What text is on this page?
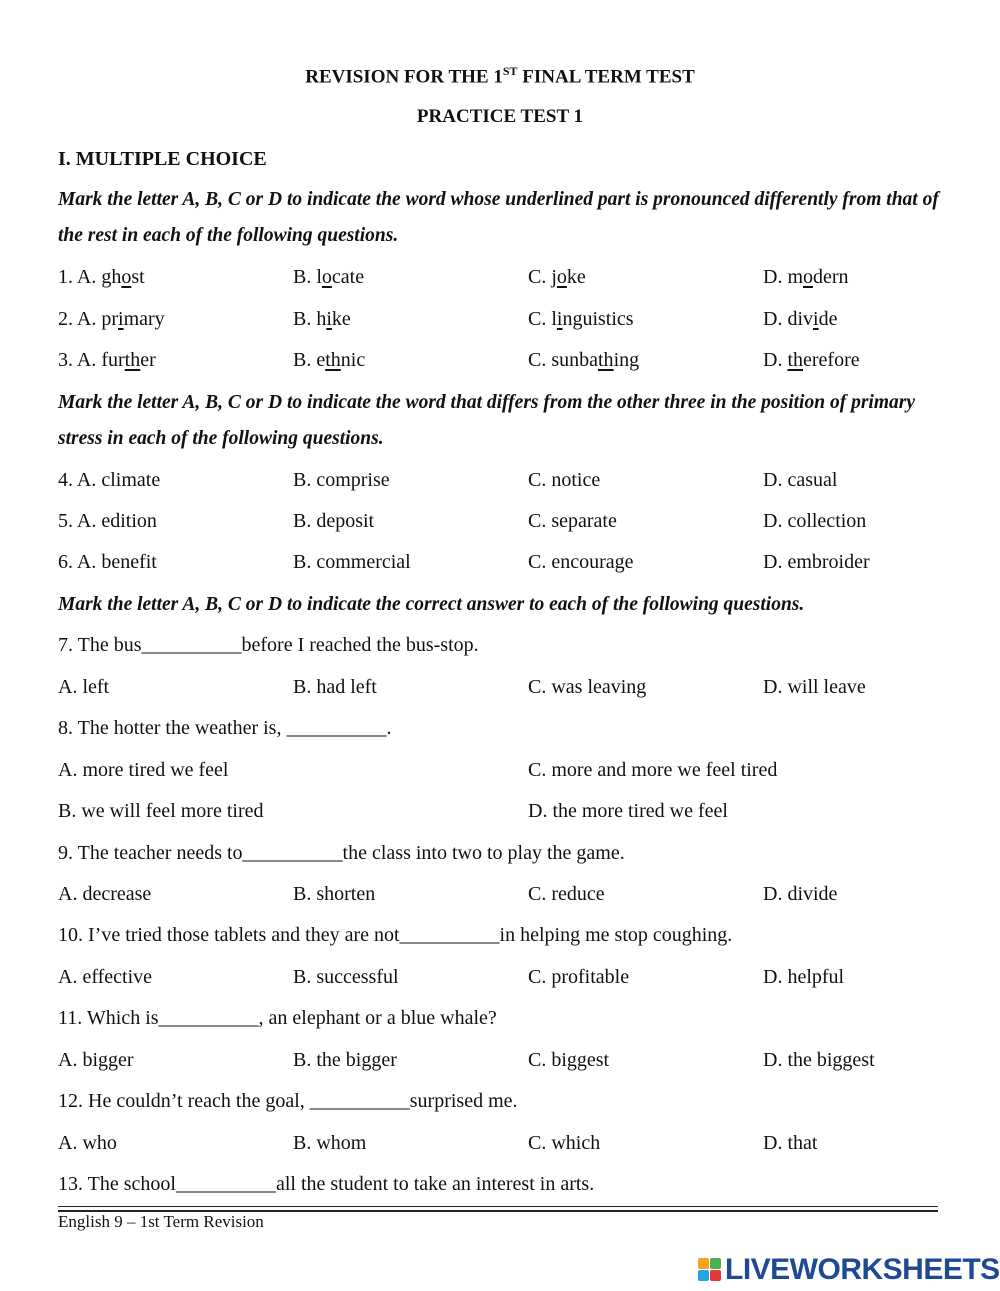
REVISION FOR THE 1ST FINAL TERM TEST
PRACTICE TEST 1
I. MULTIPLE CHOICE
Mark the letter A, B, C or D to indicate the word whose underlined part is pronounced differently from that of the rest in each of the following questions.
1. A. ghost	B. locate	C. joke	D. modern
2. A. primary	B. hike	C. linguistics	D. divide
3. A. further	B. ethnic	C. sunbathing	D. therefore
Mark the letter A, B, C or D to indicate the word that differs from the other three in the position of primary stress in each of the following questions.
4. A. climate	B. comprise	C. notice	D. casual
5. A. edition	B. deposit	C. separate	D. collection
6. A. benefit	B. commercial	C. encourage	D. embroider
Mark the letter A, B, C or D to indicate the correct answer to each of the following questions.
7. The bus__________before I reached the bus-stop.
A. left	B. had left	C. was leaving	D. will leave
8. The hotter the weather is, __________.
A. more tired we feel	C. more and more we feel tired
B. we will feel more tired	D. the more tired we feel
9. The teacher needs to__________the class into two to play the game.
A. decrease	B. shorten	C. reduce	D. divide
10. I’ve tried those tablets and they are not__________in helping me stop coughing.
A. effective	B. successful	C. profitable	D. helpful
11. Which is__________, an elephant or a blue whale?
A. bigger	B. the bigger	C. biggest	D. the biggest
12. He couldn’t reach the goal, __________surprised me.
A. who	B. whom	C. which	D. that
13. The school__________all the student to take an interest in arts.
English 9 – 1st Term Revision
LIVEWORKSHEETS
